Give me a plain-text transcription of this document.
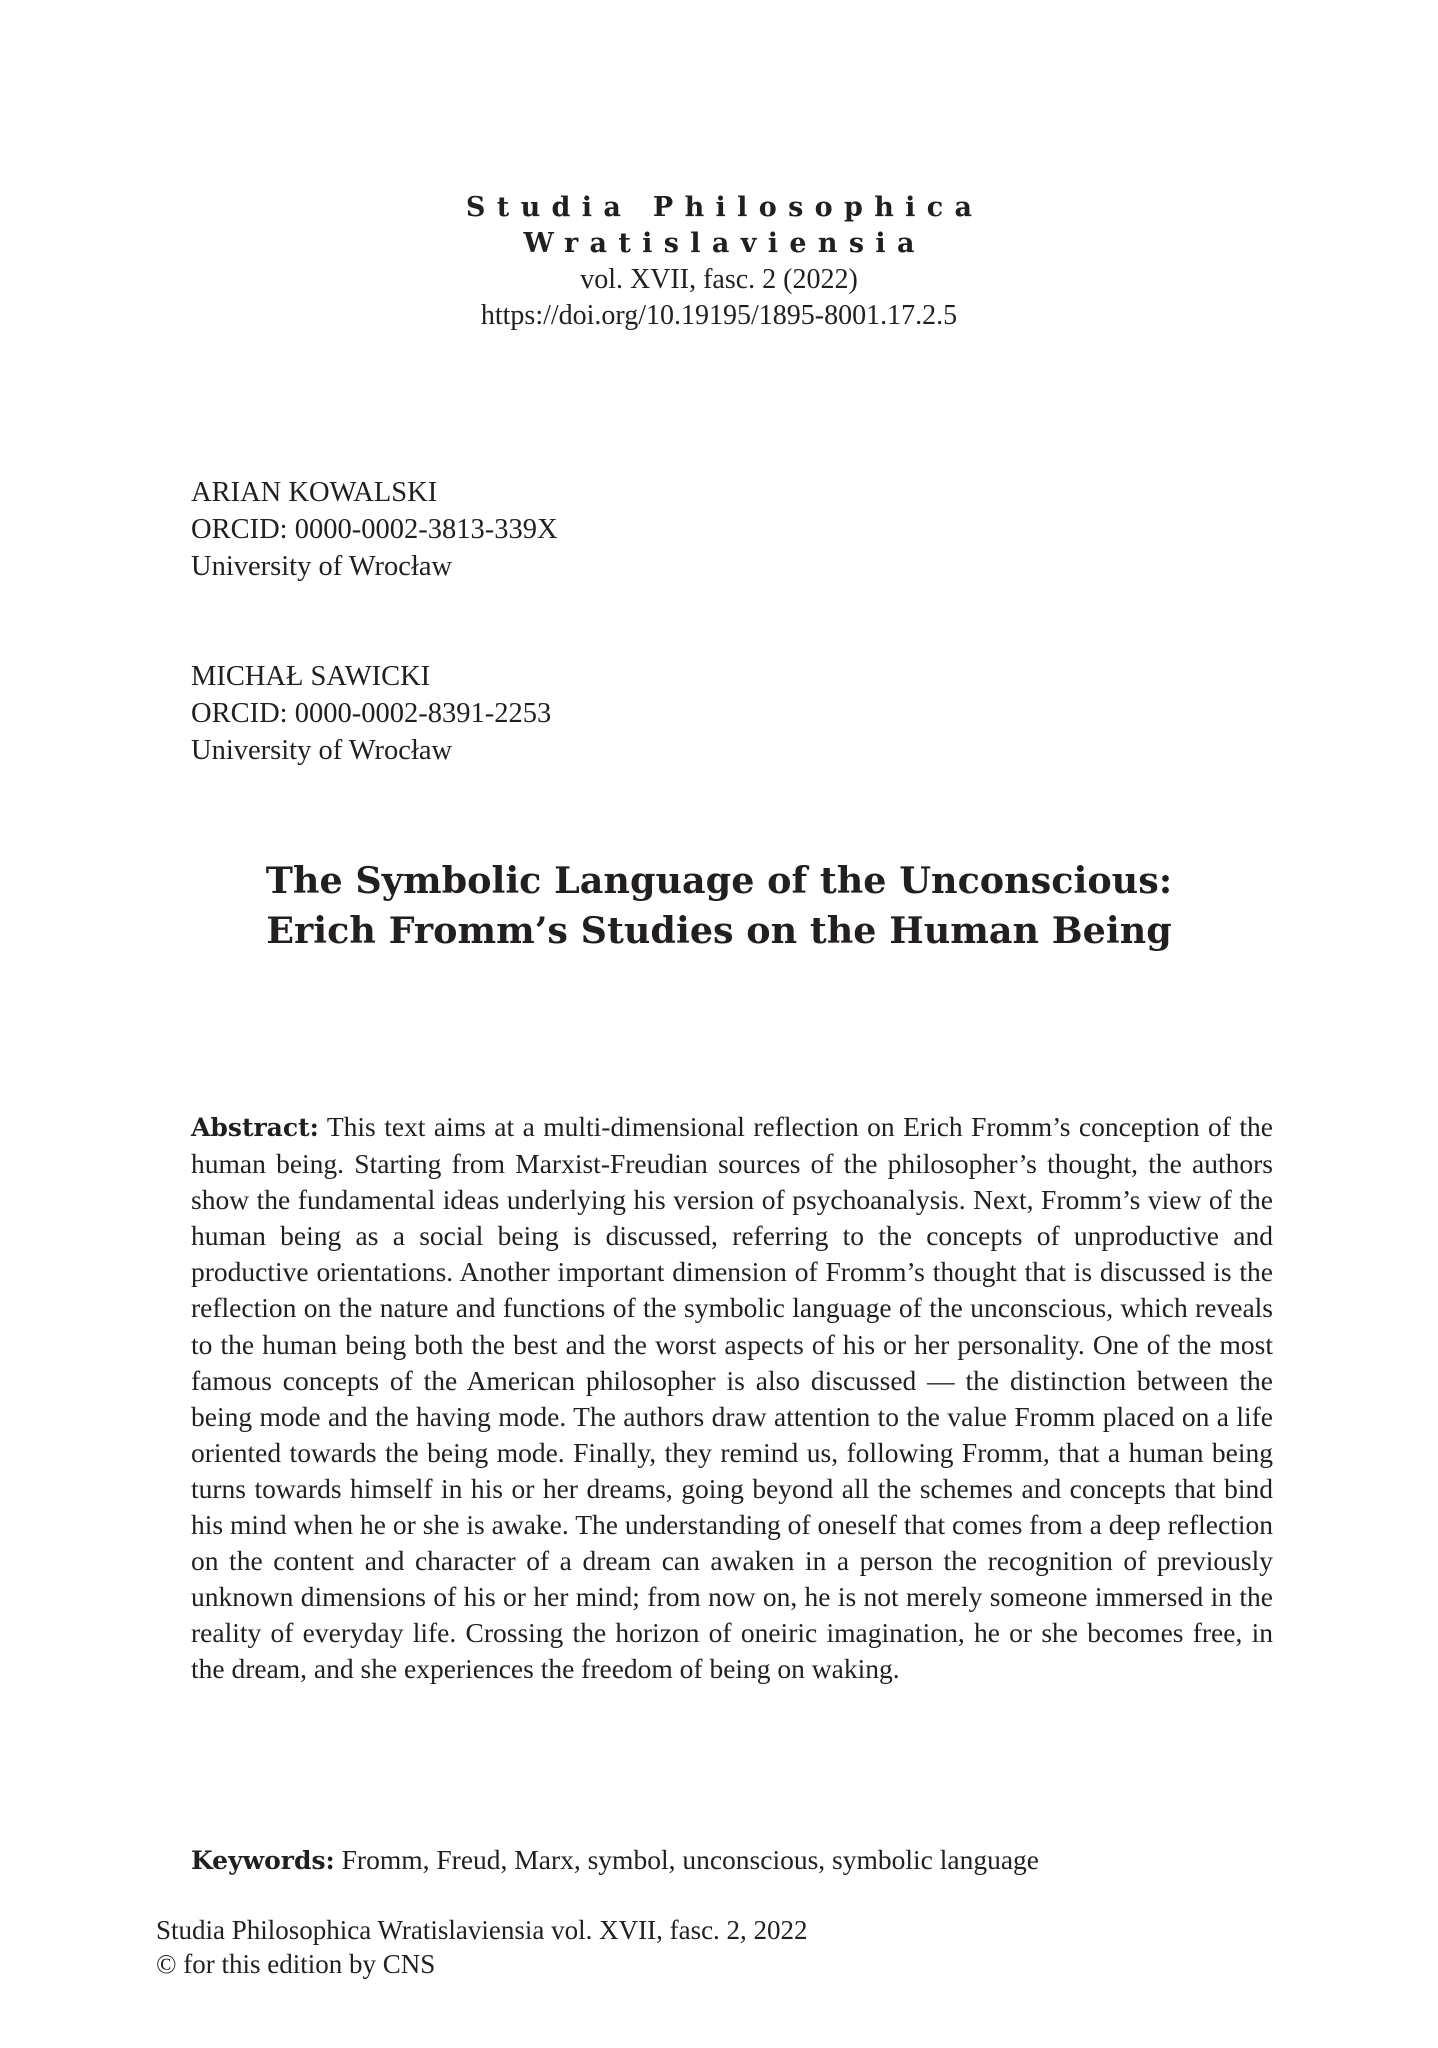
Studia Philosophica
Wratislaviensia
vol. XVII, fasc. 2 (2022)
https://doi.org/10.19195/1895-8001.17.2.5
ARIAN KOWALSKI
ORCID: 0000-0002-3813-339X
University of Wrocław
MICHAŁ SAWICKI
ORCID: 0000-0002-8391-2253
University of Wrocław
The Symbolic Language of the Unconscious:
Erich Fromm’s Studies on the Human Being
Abstract: This text aims at a multi-dimensional reflection on Erich Fromm’s conception of the human being. Starting from Marxist-Freudian sources of the philosopher’s thought, the authors show the fundamental ideas underlying his version of psychoanalysis. Next, Fromm’s view of the human being as a social being is discussed, referring to the concepts of unproductive and productive orientations. Another important dimension of Fromm’s thought that is discussed is the reflection on the nature and functions of the symbolic language of the unconscious, which reveals to the human being both the best and the worst aspects of his or her personality. One of the most famous concepts of the American philosopher is also discussed — the distinction between the being mode and the having mode. The authors draw attention to the value Fromm placed on a life oriented towards the being mode. Finally, they remind us, following Fromm, that a human being turns towards himself in his or her dreams, going beyond all the schemes and concepts that bind his mind when he or she is awake. The understanding of oneself that comes from a deep reflection on the content and character of a dream can awaken in a person the recognition of previously unknown dimensions of his or her mind; from now on, he is not merely someone immersed in the reality of everyday life. Crossing the horizon of oneiric imagination, he or she becomes free, in the dream, and she experiences the freedom of being on waking.
Keywords: Fromm, Freud, Marx, symbol, unconscious, symbolic language
Studia Philosophica Wratislaviensia vol. XVII, fasc. 2, 2022
© for this edition by CNS
